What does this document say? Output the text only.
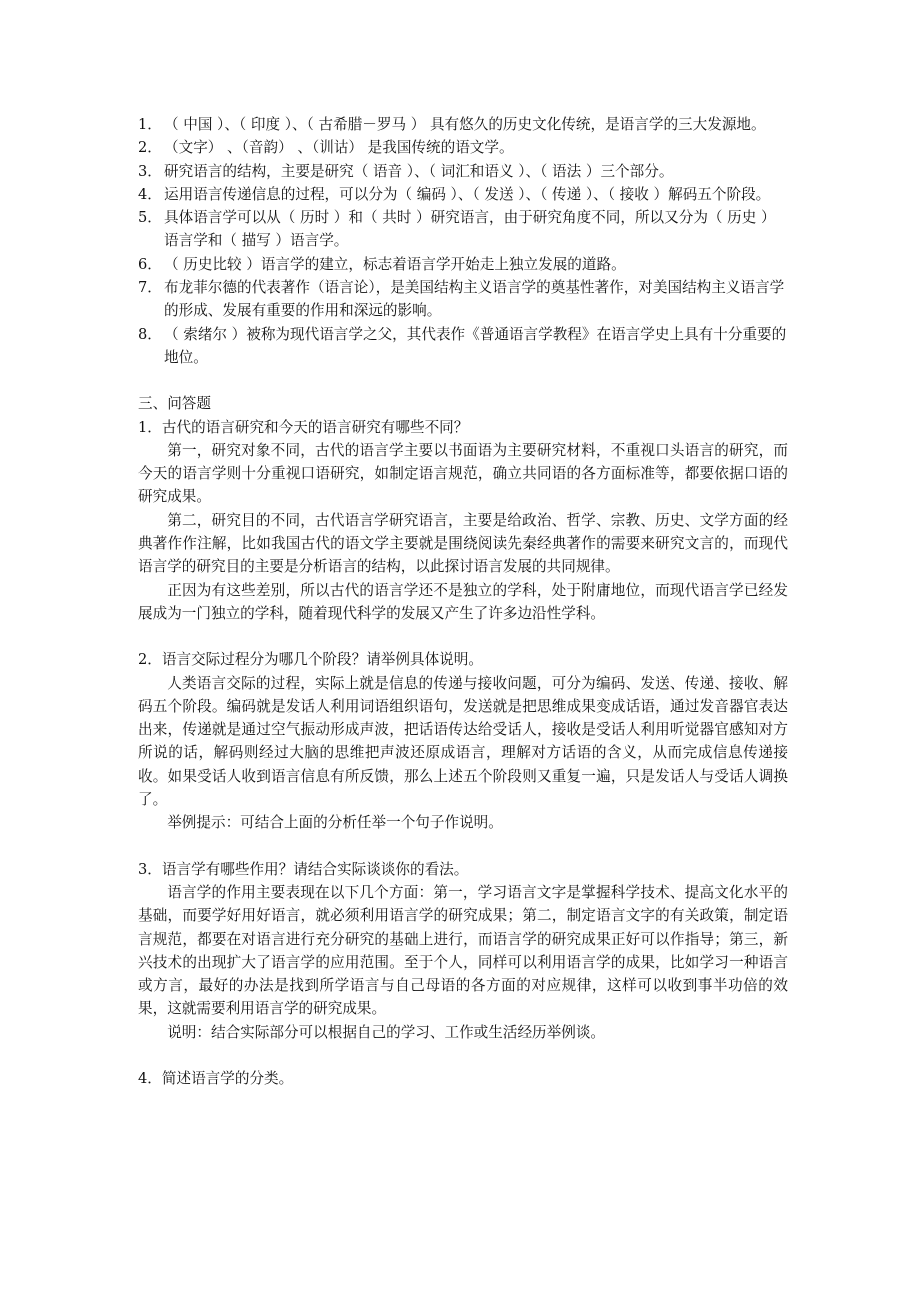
1． （ 中国 ）、（ 印度 ）、（ 古希腊－罗马 ） 具有悠久的历史文化传统，是语言学的三大发源地。
2． （文字） 、（音韵） 、（训诂） 是我国传统的语文学。
3． 研究语言的结构，主要是研究（ 语音 ）、（ 词汇和语义 ）、（ 语法 ）三个部分。
4． 运用语言传递信息的过程，可以分为（ 编码 ）、（ 发送 ）、（ 传递 ）、（ 接收 ）解码五个阶段。
5． 具体语言学可以从（ 历时 ）和（ 共时 ）研究语言，由于研究角度不同，所以又分为（ 历史 ）语言学和（ 描写 ）语言学。
6． （ 历史比较 ）语言学的建立，标志着语言学开始走上独立发展的道路。
7． 布龙菲尔德的代表著作（语言论），是美国结构主义语言学的奠基性著作，对美国结构主义语言学的形成、发展有重要的作用和深远的影响。
8． （ 索绪尔 ）被称为现代语言学之父，其代表作《普通语言学教程》在语言学史上具有十分重要的地位。

三、问答题

1．古代的语言研究和今天的语言研究有哪些不同？

第一，研究对象不同，古代的语言学主要以书面语为主要研究材料，不重视口头语言的研究，而今天的语言学则十分重视口语研究，如制定语言规范，确立共同语的各方面标准等，都要依据口语的研究成果。

第二，研究目的不同，古代语言学研究语言，主要是给政治、哲学、宗教、历史、文学方面的经典著作作注解，比如我国古代的语文学主要就是围绕阅读先秦经典著作的需要来研究文言的，而现代语言学的研究目的主要是分析语言的结构，以此探讨语言发展的共同规律。

正因为有这些差别，所以古代的语言学还不是独立的学科，处于附庸地位，而现代语言学已经发展成为一门独立的学科，随着现代科学的发展又产生了许多边沿性学科。

2．语言交际过程分为哪几个阶段？请举例具体说明。

人类语言交际的过程，实际上就是信息的传递与接收问题，可分为编码、发送、传递、接收、解码五个阶段。编码就是发话人利用词语组织语句，发送就是把思维成果变成话语，通过发音器官表达出来，传递就是通过空气振动形成声波，把话语传达给受话人，接收是受话人利用听觉器官感知对方所说的话，解码则经过大脑的思维把声波还原成语言，理解对方话语的含义，从而完成信息传递接收。如果受话人收到语言信息有所反馈，那么上述五个阶段则又重复一遍，只是发话人与受话人调换了。

举例提示：可结合上面的分析任举一个句子作说明。

3．语言学有哪些作用？请结合实际谈谈你的看法。

语言学的作用主要表现在以下几个方面：第一，学习语言文字是掌握科学技术、提高文化水平的基础，而要学好用好语言，就必须利用语言学的研究成果；第二，制定语言文字的有关政策，制定语言规范，都要在对语言进行充分研究的基础上进行，而语言学的研究成果正好可以作指导；第三，新兴技术的出现扩大了语言学的应用范围。至于个人，同样可以利用语言学的成果，比如学习一种语言或方言，最好的办法是找到所学语言与自己母语的各方面的对应规律，这样可以收到事半功倍的效果，这就需要利用语言学的研究成果。

说明：结合实际部分可以根据自己的学习、工作或生活经历举例谈。

4．简述语言学的分类。
